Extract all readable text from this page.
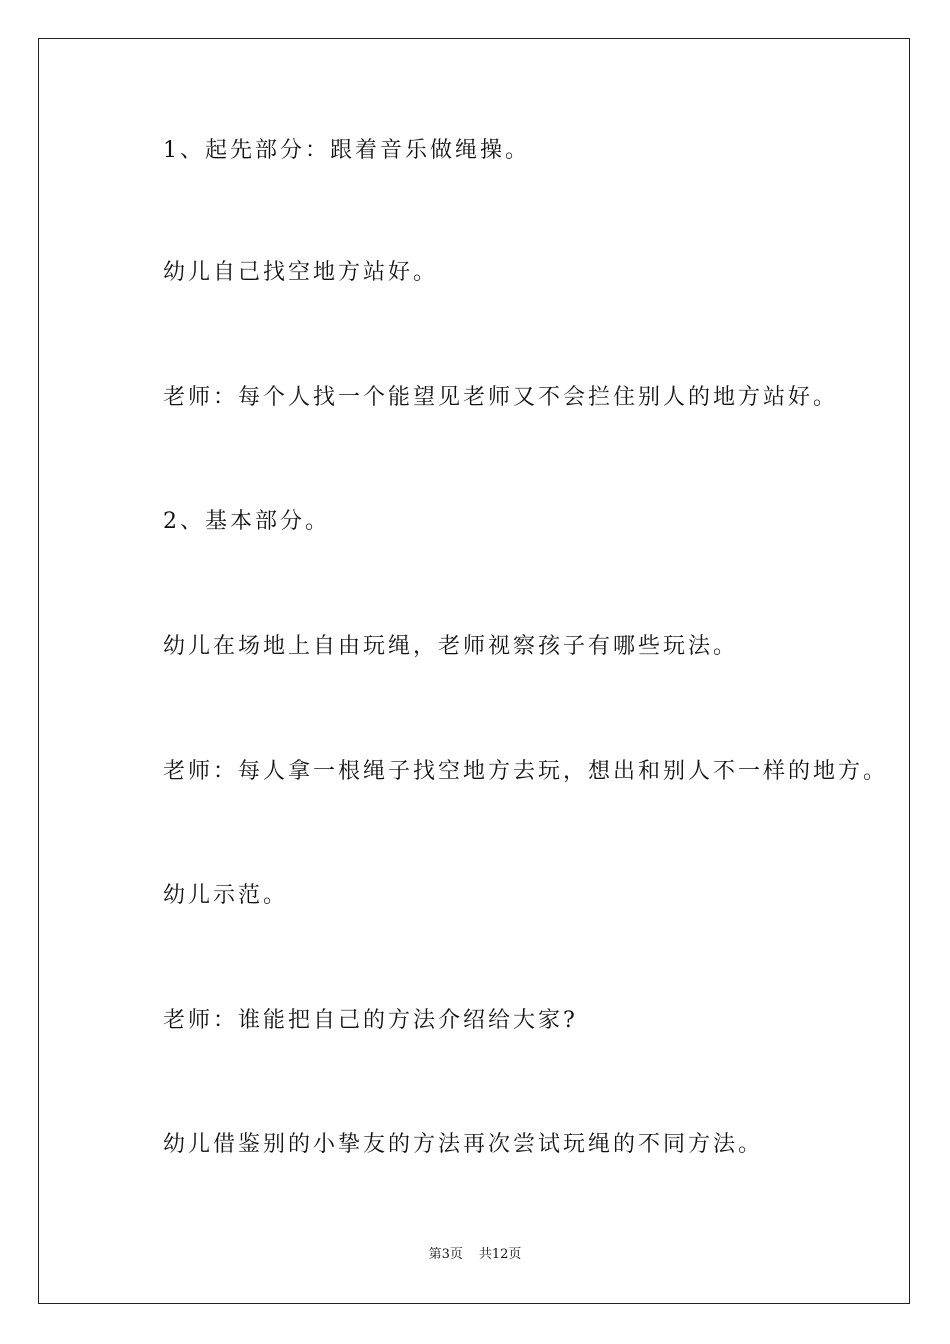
1、起先部分：跟着音乐做绳操。

幼儿自己找空地方站好。

老师：每个人找一个能望见老师又不会拦住别人的地方站好。

2、基本部分。

幼儿在场地上自由玩绳，老师视察孩子有哪些玩法。

老师：每人拿一根绳子找空地方去玩，想出和别人不一样的地方。

幼儿示范。

老师：谁能把自己的方法介绍给大家?

幼儿借鉴别的小挚友的方法再次尝试玩绳的不同方法。

第3页 共12页
